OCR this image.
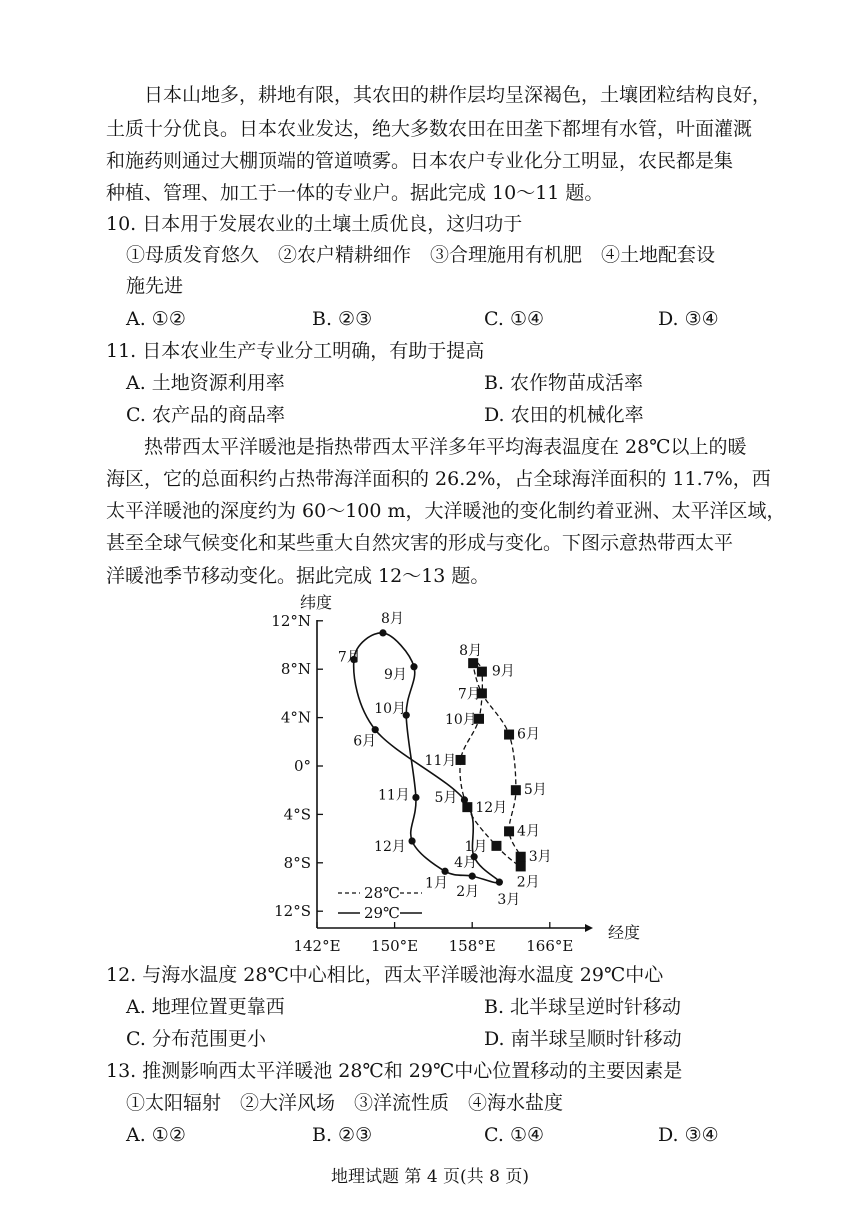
日本山地多，耕地有限，其农田的耕作层均呈深褐色，土壤团粒结构良好，
土质十分优良。日本农业发达，绝大多数农田在田垄下都埋有水管，叶面灌溉
和施药则通过大棚顶端的管道喷雾。日本农户专业化分工明显，农民都是集
种植、管理、加工于一体的专业户。据此完成 10～11 题。
10. 日本用于发展农业的土壤土质优良，这归功于
①母质发育悠久　②农户精耕细作　③合理施用有机肥　④土地配套设
施先进
A. ①②	B. ②③	C. ①④	D. ③④
11. 日本农业生产专业分工明确，有助于提高
A. 土地资源利用率	B. 农作物苗成活率
C. 农产品的商品率	D. 农田的机械化率
热带西太平洋暖池是指热带西太平洋多年平均海表温度在 28℃以上的暖
海区，它的总面积约占热带海洋面积的 26.2%，占全球海洋面积的 11.7%，西
太平洋暖池的深度约为 60～100 m，大洋暖池的变化制约着亚洲、太平洋区域，
甚至全球气候变化和某些重大自然灾害的形成与变化。下图示意热带西太平
洋暖池季节移动变化。据此完成 12～13 题。
纬度
经度
12°N
8°N
4°N
0°
4°S
8°S
12°S
142°E 150°E 158°E 166°E
1月
2月
3月
4月
5月
6月
7月
8月
9月
10月
11月
12月	1月
2月
3月
4月
5月
6月
7月
8月
9月
10月
11月
12月
28℃
29℃
12. 与海水温度 28℃中心相比，西太平洋暖池海水温度 29℃中心
A. 地理位置更靠西	B. 北半球呈逆时针移动
C. 分布范围更小	D. 南半球呈顺时针移动
13. 推测影响西太平洋暖池 28℃和 29℃中心位置移动的主要因素是
①太阳辐射　②大洋风场　③洋流性质　④海水盐度
A. ①②	B. ②③	C. ①④	D. ③④
地理试题 第 4 页(共 8 页)
